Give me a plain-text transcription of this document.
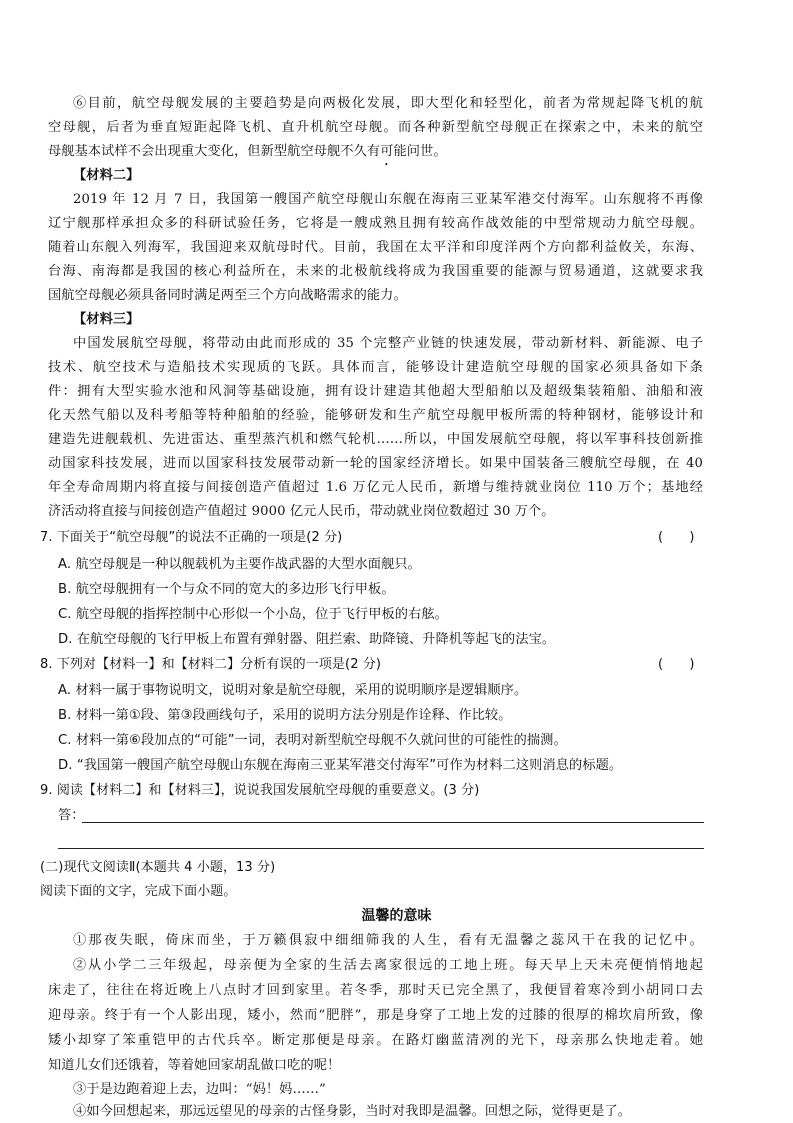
⑥目前，航空母舰发展的主要趋势是向两极化发展，即大型化和轻型化，前者为常规起降飞机的航
空母舰，后者为垂直短距起降飞机、直升机航空母舰。而各种新型航空母舰正在探索之中，未来的航空
母舰基本试样不会出现重大变化，但新型航空母舰不久有可能问世。
【材料二】
2019 年 12 月 7 日，我国第一艘国产航空母舰山东舰在海南三亚某军港交付海军。山东舰将不再像
辽宁舰那样承担众多的科研试验任务，它将是一艘成熟且拥有较高作战效能的中型常规动力航空母舰。
随着山东舰入列海军，我国迎来双航母时代。目前，我国在太平洋和印度洋两个方向都利益攸关，东海、
台海、南海都是我国的核心利益所在，未来的北极航线将成为我国重要的能源与贸易通道，这就要求我
国航空母舰必须具备同时满足两至三个方向战略需求的能力。
【材料三】
中国发展航空母舰，将带动由此而形成的 35 个完整产业链的快速发展，带动新材料、新能源、电子
技术、航空技术与造船技术实现质的飞跃。具体而言，能够设计建造航空母舰的国家必须具备如下条
件：拥有大型实验水池和风洞等基础设施，拥有设计建造其他超大型船舶以及超级集装箱船、油船和液
化天然气船以及科考船等特种船舶的经验，能够研发和生产航空母舰甲板所需的特种钢材，能够设计和
建造先进舰载机、先进雷达、重型蒸汽机和燃气轮机……所以，中国发展航空母舰，将以军事科技创新推
动国家科技发展，进而以国家科技发展带动新一轮的国家经济增长。如果中国装备三艘航空母舰，在 40
年全寿命周期内将直接与间接创造产值超过 1.6 万亿元人民币，新增与维持就业岗位 110 万个；基地经
济活动将直接与间接创造产值超过 9000 亿元人民币，带动就业岗位数超过 30 万个。
7. 下面关于“航空母舰”的说法不正确的一项是(2 分)	(　　)
A. 航空母舰是一种以舰载机为主要作战武器的大型水面舰只。
B. 航空母舰拥有一个与众不同的宽大的多边形飞行甲板。
C. 航空母舰的指挥控制中心形似一个小岛，位于飞行甲板的右舷。
D. 在航空母舰的飞行甲板上布置有弹射器、阻拦索、助降镜、升降机等起飞的法宝。
8. 下列对【材料一】和【材料二】分析有误的一项是(2 分)	(　　)
A. 材料一属于事物说明文，说明对象是航空母舰，采用的说明顺序是逻辑顺序。
B. 材料一第①段、第③段画线句子，采用的说明方法分别是作诠释、作比较。
C. 材料一第⑥段加点的“可能”一词，表明对新型航空母舰不久就问世的可能性的揣测。
D. “我国第一艘国产航空母舰山东舰在海南三亚某军港交付海军”可作为材料二这则消息的标题。
9. 阅读【材料二】和【材料三】，说说我国发展航空母舰的重要意义。(3 分)
答：
(二)现代文阅读Ⅱ(本题共 4 小题，13 分)
阅读下面的文字，完成下面小题。
温馨的意味
①那夜失眠，倚床而坐，于万籁俱寂中细细筛我的人生，看有无温馨之蕊风干在我的记忆中。
②从小学二三年级起，母亲便为全家的生活去离家很远的工地上班。每天早上天未亮便悄悄地起
床走了，往往在将近晚上八点时才回到家里。若冬季，那时天已完全黑了，我便冒着寒冷到小胡同口去
迎母亲。终于有一个人影出现，矮小，然而“肥胖”，那是身穿了工地上发的过膝的很厚的棉坎肩所致，像
矮小却穿了笨重铠甲的古代兵卒。断定那便是母亲。在路灯幽蓝清冽的光下，母亲那么快地走着。她
知道儿女们还饿着，等着她回家胡乱做口吃的呢！
③于是边跑着迎上去，边叫：“妈！妈……”
④如今回想起来，那远远望见的母亲的古怪身影，当时对我即是温馨。回想之际，觉得更是了。
